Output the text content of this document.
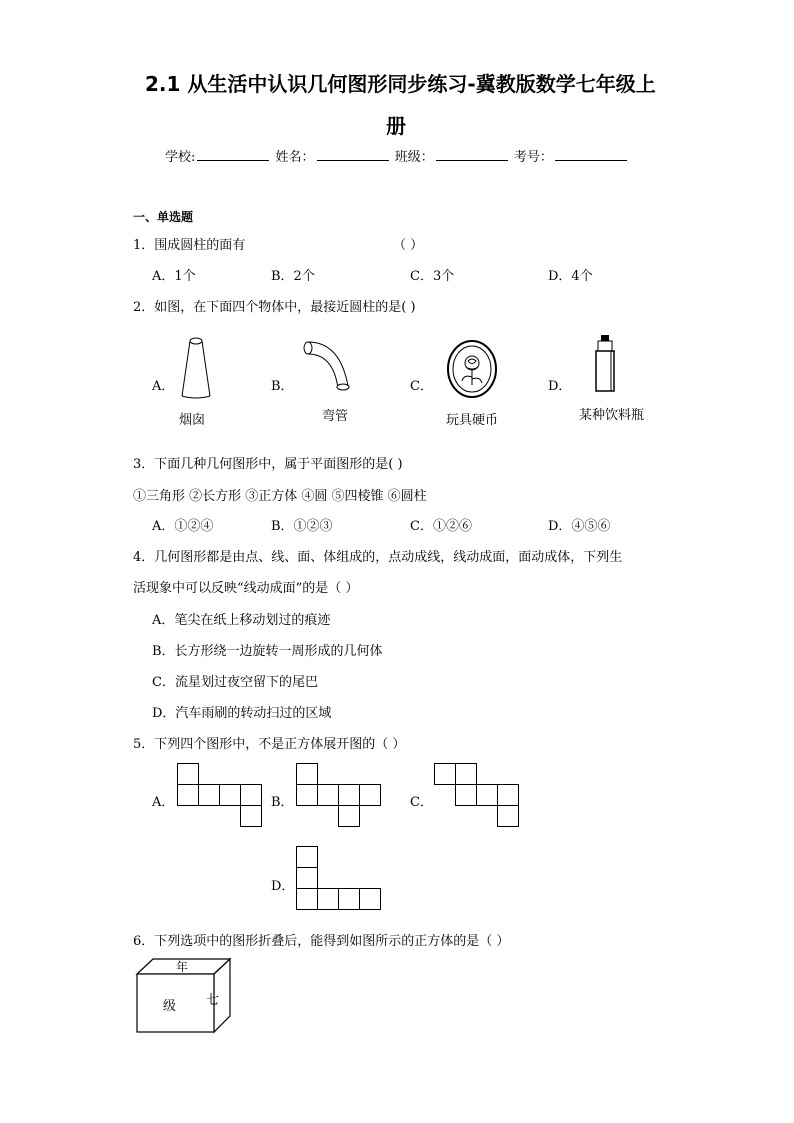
2.1 从生活中认识几何图形同步练习-冀教版数学七年级上
册
学校:	姓名：	班级：	考号：
一、单选题
1．围成圆柱的面有	（ ）
A．1个	B．2个	C．3个	D．4个
2．如图，在下面四个物体中，最接近圆柱的是( )
A．	B．	C．	D．
烟囱	弯管	玩具硬币	某种饮料瓶
3．下面几种几何图形中，属于平面图形的是( )
①三角形 ②长方形 ③正方体 ④圆 ⑤四棱锥 ⑥圆柱
A．①②④	B．①②③	C．①②⑥	D．④⑤⑥
4．几何图形都是由点、线、面、体组成的，点动成线，线动成面，面动成体，下列生
活现象中可以反映“线动成面”的是（ ）
A．笔尖在纸上移动划过的痕迹
B．长方形绕一边旋转一周形成的几何体
C．流星划过夜空留下的尾巴
D．汽车雨刷的转动扫过的区域
5．下列四个图形中，不是正方体展开图的（ ）
A．	B．	C．
D．
6．下列选项中的图形折叠后，能得到如图所示的正方体的是（ ）
年
级 七
